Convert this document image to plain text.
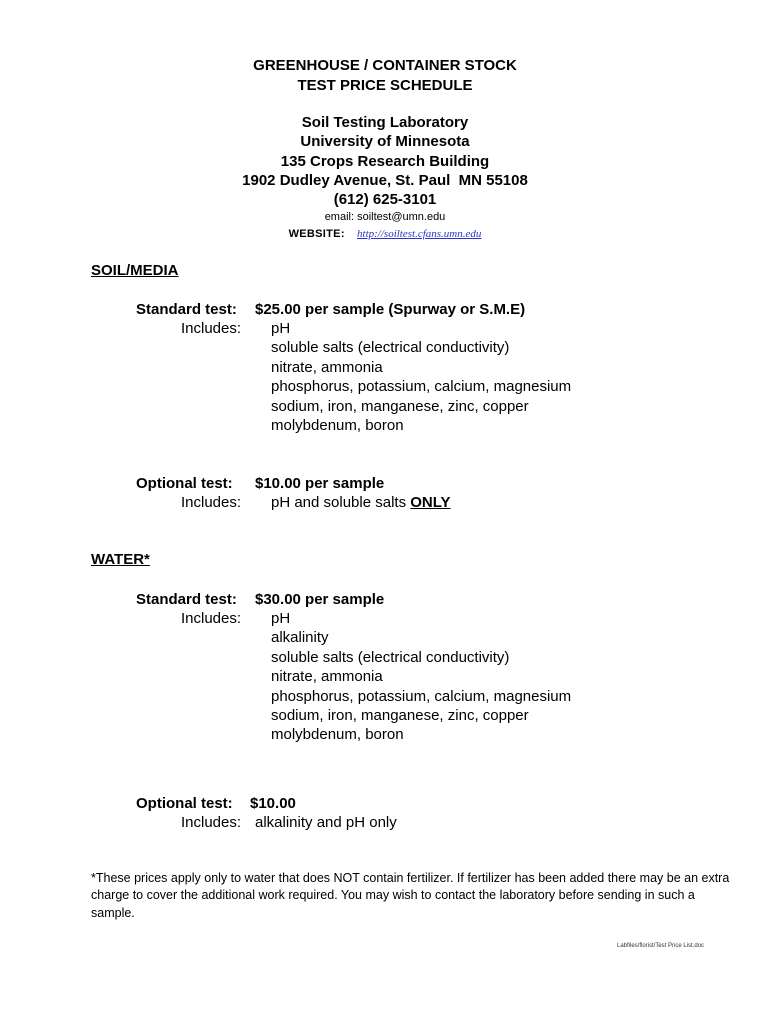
GREENHOUSE / CONTAINER STOCK
TEST PRICE SCHEDULE
Soil Testing Laboratory
University of Minnesota
135 Crops Research Building
1902 Dudley Avenue, St. Paul  MN 55108
(612) 625-3101
email: soiltest@umn.edu
WEBSITE: http://soiltest.cfans.umn.edu
SOIL/MEDIA
Standard test: $25.00 per sample (Spurway or S.M.E)
Includes: pH
soluble salts (electrical conductivity)
nitrate, ammonia
phosphorus, potassium, calcium, magnesium
sodium, iron, manganese, zinc, copper
molybdenum, boron
Optional test: $10.00 per sample
Includes: pH and soluble salts ONLY
WATER*
Standard test: $30.00 per sample
Includes: pH
alkalinity
soluble salts (electrical conductivity)
nitrate, ammonia
phosphorus, potassium, calcium, magnesium
sodium, iron, manganese, zinc, copper
molybdenum, boron
Optional test: $10.00
Includes: alkalinity and pH only
*These prices apply only to water that does NOT contain fertilizer. If fertilizer has been added there may be an extra charge to cover the additional work required. You may wish to contact the laboratory before sending in such a sample.
Labfiles/florist/Test Price List.doc
